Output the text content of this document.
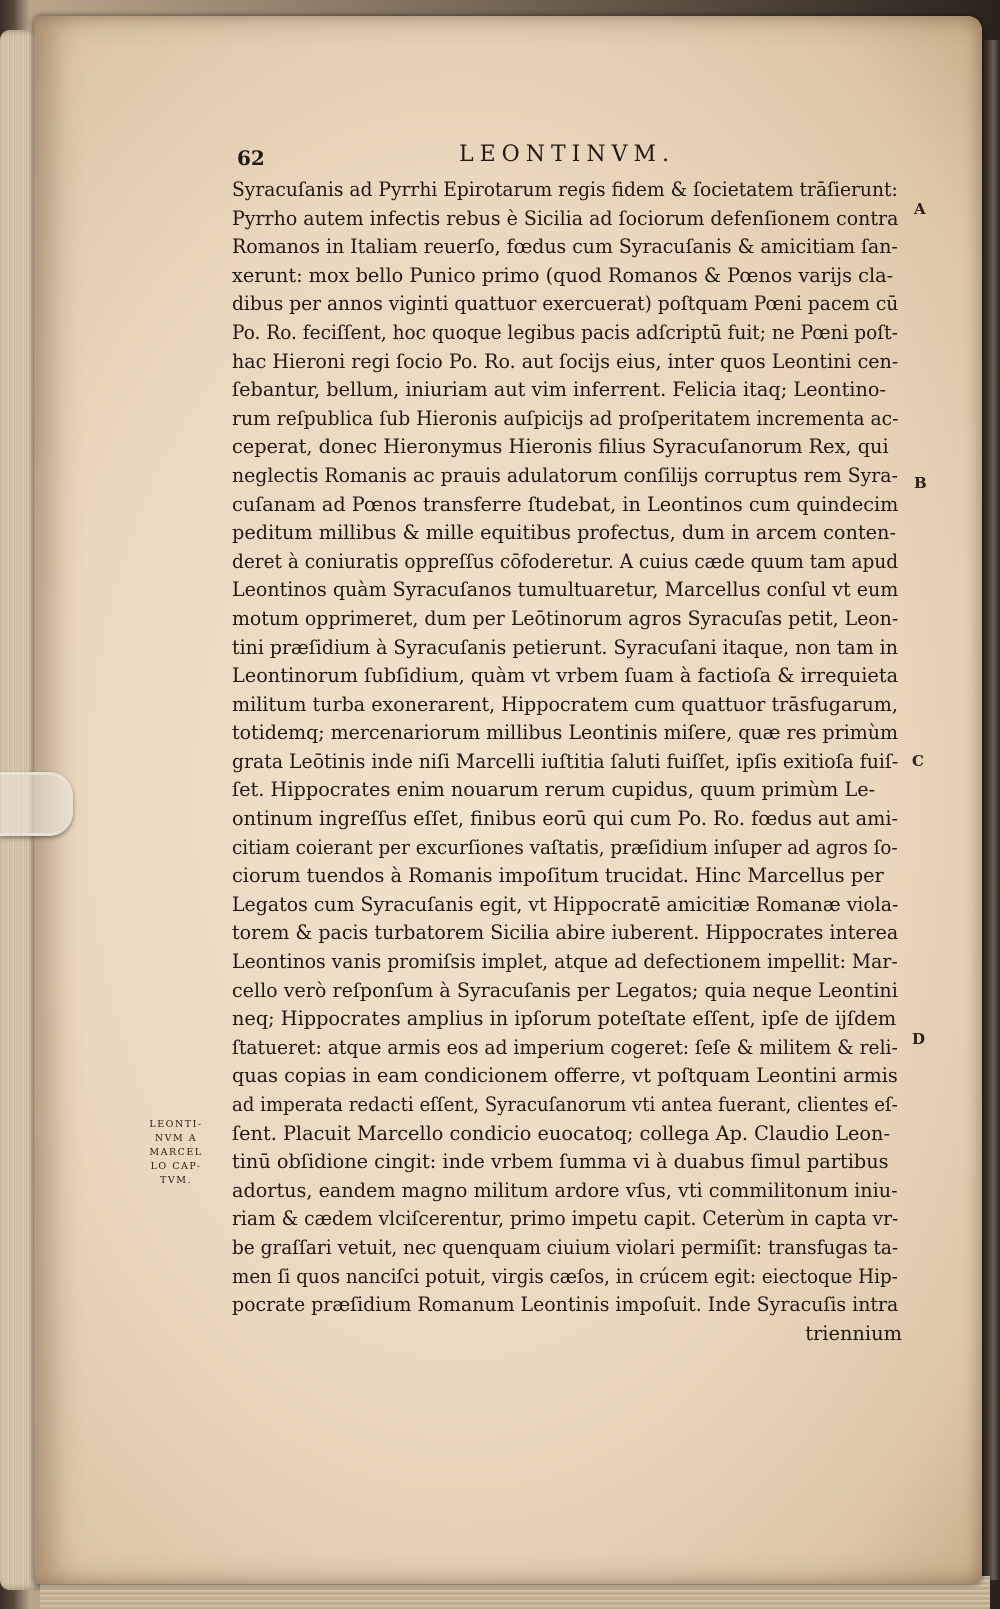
62	LEONTINVM.
Syracuſanis ad Pyrrhi Epirotarum regis fidem & ſocietatem trāſierunt:
Pyrrho autem infectis rebus è Sicilia ad ſociorum defenſionem contra
Romanos in Italiam reuerſo, fœdus cum Syracuſanis & amicitiam ſan-
xerunt: mox bello Punico primo (quod Romanos & Pœnos varijs cla-
dibus per annos viginti quattuor exercuerat) poſtquam Pœni pacem cū
Po. Ro. feciſſent, hoc quoque legibus pacis adſcriptū fuit; ne Pœni poſt-
hac Hieroni regi ſocio Po. Ro. aut ſocijs eius, inter quos Leontini cen-
ſebantur, bellum, iniuriam aut vim inferrent. Felicia itaq; Leontino-
rum reſpublica ſub Hieronis auſpicijs ad proſperitatem incrementa ac-
ceperat, donec Hieronymus Hieronis filius Syracuſanorum Rex, qui
neglectis Romanis ac prauis adulatorum conſilijs corruptus rem Syra-
cuſanam ad Pœnos transferre ſtudebat, in Leontinos cum quindecim
peditum millibus & mille equitibus profectus, dum in arcem conten-
deret à coniuratis oppreſſus cōfoderetur. A cuius cæde quum tam apud
Leontinos quàm Syracuſanos tumultuaretur, Marcellus conſul vt eum
motum opprimeret, dum per Leōtinorum agros Syracuſas petit, Leon-
tini præſidium à Syracuſanis petierunt. Syracuſani itaque, non tam in
Leontinorum ſubſidium, quàm vt vrbem ſuam à factioſa & irrequieta
militum turba exonerarent, Hippocratem cum quattuor trāsfugarum,
totidemq; mercenariorum millibus Leontinis miſere, quæ res primùm
grata Leōtinis inde niſi Marcelli iuſtitia ſaluti fuiſſet, ipſis exitioſa fuiſ-
ſet. Hippocrates enim nouarum rerum cupidus, quum primùm Le-
ontinum ingreſſus eſſet, finibus eorū qui cum Po. Ro. fœdus aut ami-
citiam coierant per excurſiones vaſtatis, præſidium inſuper ad agros ſo-
ciorum tuendos à Romanis impoſitum trucidat. Hinc Marcellus per
Legatos cum Syracuſanis egit, vt Hippocratē amicitiæ Romanæ viola-
torem & pacis turbatorem Sicilia abire iuberent. Hippocrates interea
Leontinos vanis promiſsis implet, atque ad defectionem impellit: Mar-
cello verò reſponſum à Syracuſanis per Legatos; quia neque Leontini
neq; Hippocrates amplius in ipſorum poteſtate eſſent, ipſe de ijſdem
ſtatueret: atque armis eos ad imperium cogeret: ſeſe & militem & reli-
quas copias in eam condicionem offerre, vt poſtquam Leontini armis
ad imperata redacti eſſent, Syracuſanorum vti antea fuerant, clientes eſ-
ſent. Placuit Marcello condicio euocatoq; collega Ap. Claudio Leon-
tinū obſidione cingit: inde vrbem ſumma vi à duabus ſimul partibus
adortus, eandem magno militum ardore vſus, vti commilitonum iniu-
riam & cædem vlciſcerentur, primo impetu capit. Ceterùm in capta vr-
be graſſari vetuit, nec quenquam ciuium violari permiſit: transfugas ta-
men ſi quos nanciſci potuit, virgis cæſos, in crúcem egit: eiectoque Hip-
pocrate præſidium Romanum Leontinis impoſuit. Inde Syracuſis intra
triennium
LEONTI-
NVM A
MARCEL
LO CAP-
TVM.
A
B
C
D
